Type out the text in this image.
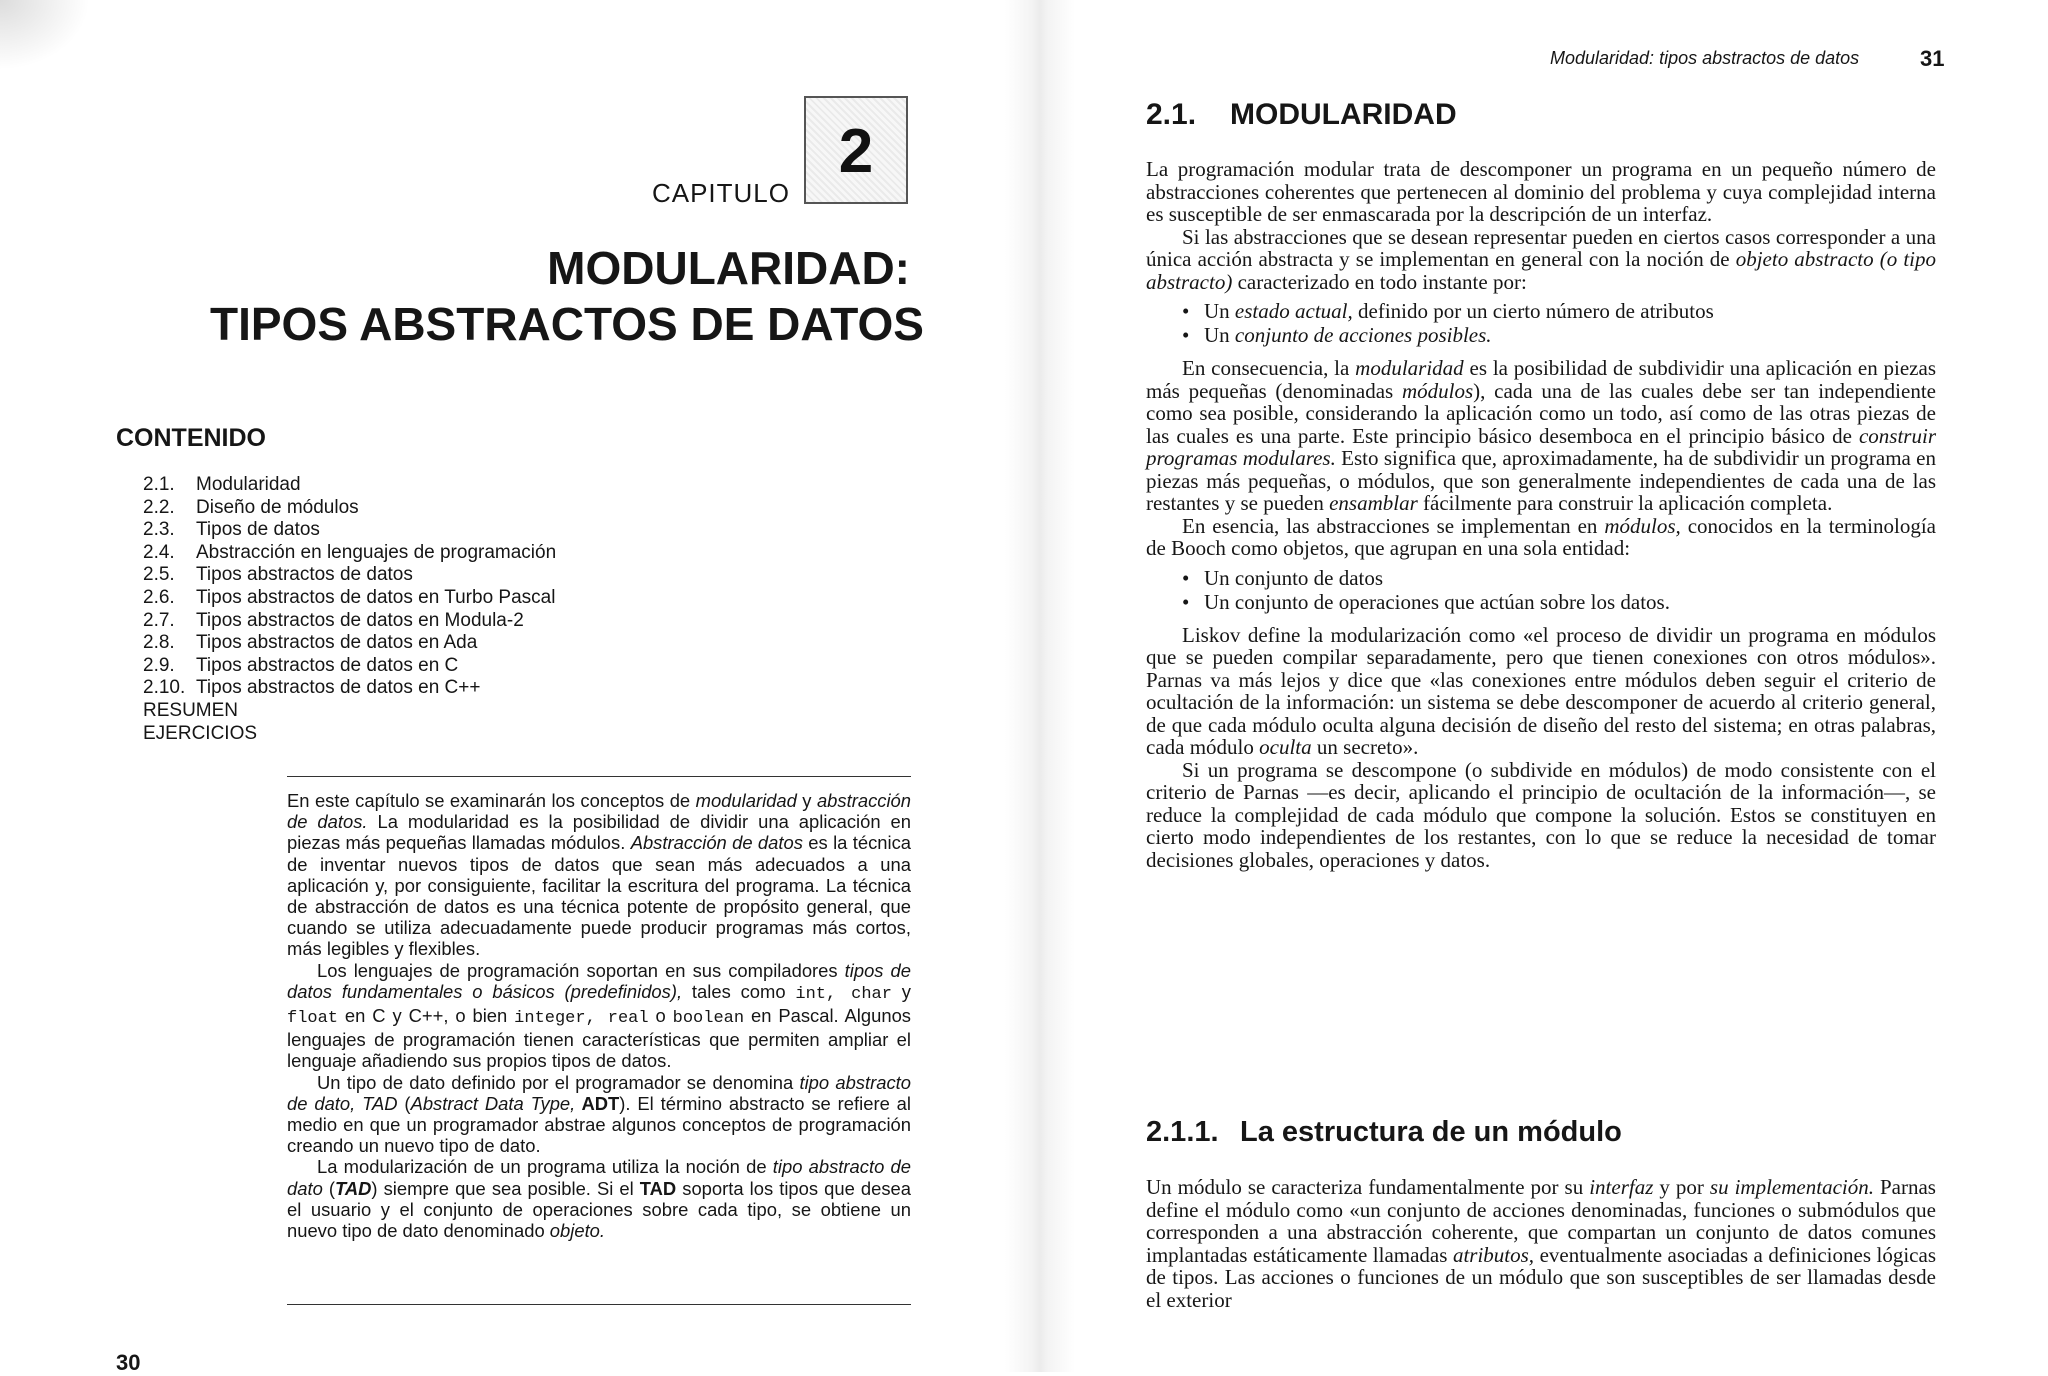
CAPITULO
2
MODULARIDAD:
TIPOS ABSTRACTOS DE DATOS
CONTENIDO
2.1.	Modularidad
2.2.	Diseño de módulos
2.3.	Tipos de datos
2.4.	Abstracción en lenguajes de programación
2.5.	Tipos abstractos de datos
2.6.	Tipos abstractos de datos en Turbo Pascal
2.7.	Tipos abstractos de datos en Modula-2
2.8.	Tipos abstractos de datos en Ada
2.9.	Tipos abstractos de datos en C
2.10. Tipos abstractos de datos en C++
RESUMEN
EJERCICIOS

En este capítulo se examinarán los conceptos de modularidad y abstracción de datos. La modularidad es la posibilidad de dividir una aplicación en piezas más pequeñas llamadas módulos. Abstracción de datos es la técnica de inventar nuevos tipos de datos que sean más adecuados a una aplicación y, por consiguiente, facilitar la escritura del programa. La técnica de abstracción de datos es una técnica potente de propósito general, que cuando se utiliza adecuadamente puede producir programas más cortos, más legibles y flexibles.

Los lenguajes de programación soportan en sus compiladores tipos de datos fundamentales o básicos (predefinidos), tales como int, char y float en C y C++, o bien integer, real o boolean en Pascal. Algunos lenguajes de programación tienen características que permiten ampliar el lenguaje añadiendo sus propios tipos de datos.

Un tipo de dato definido por el programador se denomina tipo abstracto de dato, TAD (Abstract Data Type, ADT). El término abstracto se refiere al medio en que un programador abstrae algunos conceptos de programación creando un nuevo tipo de dato.

La modularización de un programa utiliza la noción de tipo abstracto de dato (TAD) siempre que sea posible. Si el TAD soporta los tipos que desea el usuario y el conjunto de operaciones sobre cada tipo, se obtiene un nuevo tipo de dato denominado objeto.

30
Modularidad: tipos abstractos de datos	31
2.1. MODULARIDAD

La programación modular trata de descomponer un programa en un pequeño número de abstracciones coherentes que pertenecen al dominio del problema y cuya complejidad interna es susceptible de ser enmascarada por la descripción de un interfaz.

Si las abstracciones que se desean representar pueden en ciertos casos corresponder a una única acción abstracta y se implementan en general con la noción de objeto abstracto (o tipo abstracto) caracterizado en todo instante por:

• Un estado actual, definido por un cierto número de atributos
• Un conjunto de acciones posibles.

En consecuencia, la modularidad es la posibilidad de subdividir una aplicación en piezas más pequeñas (denominadas módulos), cada una de las cuales debe ser tan independiente como sea posible, considerando la aplicación como un todo, así como de las otras piezas de las cuales es una parte. Este principio básico desemboca en el principio básico de construir programas modulares. Esto significa que, aproximadamente, ha de subdividir un programa en piezas más pequeñas, o módulos, que son generalmente independientes de cada una de las restantes y se pueden ensamblar fácilmente para construir la aplicación completa.

En esencia, las abstracciones se implementan en módulos, conocidos en la terminología de Booch como objetos, que agrupan en una sola entidad:

• Un conjunto de datos
• Un conjunto de operaciones que actúan sobre los datos.

Liskov define la modularización como «el proceso de dividir un programa en módulos que se pueden compilar separadamente, pero que tienen conexiones con otros módulos». Parnas va más lejos y dice que «las conexiones entre módulos deben seguir el criterio de ocultación de la información: un sistema se debe descomponer de acuerdo al criterio general, de que cada módulo oculta alguna decisión de diseño del resto del sistema; en otras palabras, cada módulo oculta un secreto».

Si un programa se descompone (o subdivide en módulos) de modo consistente con el criterio de Parnas —es decir, aplicando el principio de ocultación de la información—, se reduce la complejidad de cada módulo que compone la solución. Estos se constituyen en cierto modo independientes de los restantes, con lo que se reduce la necesidad de tomar decisiones globales, operaciones y datos.

2.1.1. La estructura de un módulo

Un módulo se caracteriza fundamentalmente por su interfaz y por su implementación. Parnas define el módulo como «un conjunto de acciones denominadas, funciones o submódulos que corresponden a una abstracción coherente, que compartan un conjunto de datos comunes implantadas estáticamente llamadas atributos, eventualmente asociadas a definiciones lógicas de tipos. Las acciones o funciones de un módulo que son susceptibles de ser llamadas desde el exterior
